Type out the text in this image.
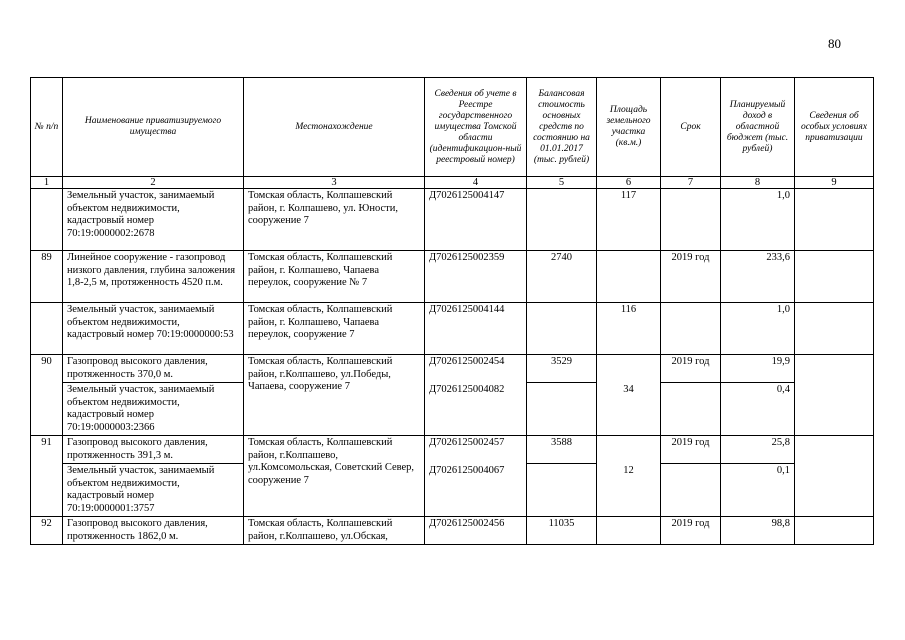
80
№ п/п	Наименование приватизируемого имущества	Местонахождение	Сведения об учете в Реестре государственного имущества Томской области (идентификацион-ный реестровый номер)	Балансовая стоимость основных средств по состоянию на 01.01.2017 (тыс. рублей)	Площадь земельного участка (кв.м.)	Срок	Планируемый доход в областной бюджет (тыс. рублей)	Сведения об особых условиях приватизации
1	2	3	4	5	6	7	8	9
	Земельный участок, занимаемый объектом недвижимости, кадастровый номер 70:19:0000002:2678	Томская область, Колпашевский район, г. Колпашево, ул. Юности, сооружение 7	Д7026125004147		117		1,0	
89	Линейное сооружение - газопровод низкого давления, глубина заложения 1,8-2,5 м, протяженность 4520 п.м.	Томская область, Колпашевский район, г. Колпашево, Чапаева переулок, сооружение № 7	Д7026125002359	2740		2019 год	233,6	
	Земельный участок, занимаемый объектом недвижимости, кадастровый номер 70:19:0000000:53	Томская область, Колпашевский район, г. Колпашево, Чапаева переулок, сооружение 7	Д7026125004144		116		1,0	
90	Газопровод высокого давления, протяженность 370,0 м.	Томская область, Колпашевский район, г.Колпашево, ул.Победы, Чапаева, сооружение 7	Д7026125002454	3529		2019 год	19,9	
	Земельный участок, занимаемый объектом недвижимости, кадастровый номер 70:19:0000003:2366		Д7026125004082		34		0,4	
91	Газопровод высокого давления, протяженность 391,3 м.	Томская область, Колпашевский район, г.Колпашево, ул.Комсомольская, Советский Север, сооружение 7	Д7026125002457	3588		2019 год	25,8	
	Земельный участок, занимаемый объектом недвижимости, кадастровый номер 70:19:0000001:3757		Д7026125004067		12		0,1	
92	Газопровод высокого давления, протяженность 1862,0 м.	Томская область, Колпашевский район, г.Колпашево, ул.Обская,	Д7026125002456	11035		2019 год	98,8	
